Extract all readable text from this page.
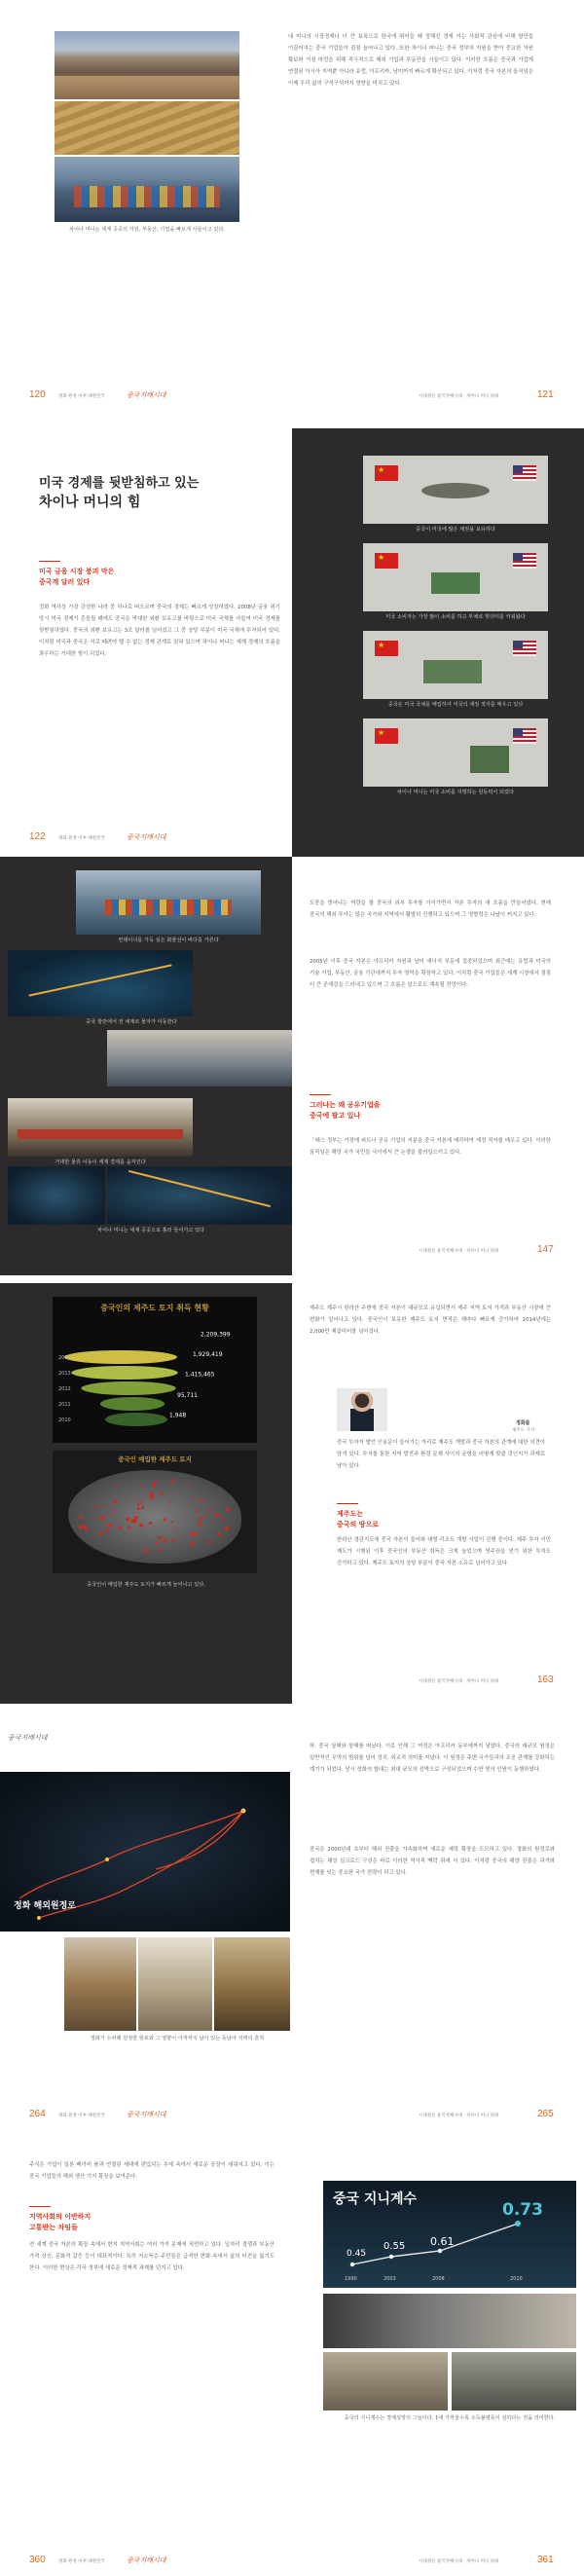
차이나 머니는 세계 곳곳의 자원, 부동산, 기업을 빠르게 사들이고 있다.
내 머니의 시장경제나 더 큰 보폭으로 한국에 뛰어들 때 정해진 경제 이는 사회적 관심에 비해 항만들 이끌어지는 중국 기업들이 점점 늘어나고 있다. 또한 차이나 머니는 중국 정부의 지원을 받아 중요한 자원 확보와 거점 마련을 위해 적극적으로 해외 기업과 부동산을 사들이고 있다. 이러한 흐름은 중국과 가깝게 연결된 아시아 지역뿐 아니라 유럽, 아프리카, 남미까지 빠르게 확산되고 있다. 이처럼 중국 자본의 움직임은 이제 우리 삶의 구석구석까지 영향을 미치고 있다.
120	정화 원정 이후 대한민국	중국지배시대	시대정신 중국지배시대 · 차이나 머니 파워	121
미국 경제를 뒷받침하고 있는
차이나 머니의 힘
미국 금융 시장 붕괴 막은
중국계 달러 있다
정화 역사상 가장 강성한 나라 중 하나로 떠오르며 중국의 경제는 빠르게 성장하였다. 2008년 금융 위기 당시 미국 경제가 흔들릴 때에도 중국은 막대한 외환 보유고를 바탕으로 미국 국채를 사들여 미국 경제를 뒷받침하였다. 중국의 외환 보유고는 3조 달러를 넘어섰고 그 중 상당 부분이 미국 국채에 투자되어 있다. 이처럼 미국과 중국은 서로 떼려야 뗄 수 없는 경제 관계로 얽혀 있으며 차이나 머니는 세계 경제의 흐름을 좌우하는 거대한 힘이 되었다.
★
중국이 미국에 많은 채권을 보유하다
★
미국 소비자는 가장 많이 소비를 하고 부채로 빚더미를 키워왔다
★
중국은 미국 국채를 매입하여 미국의 재정 적자를 메우고 있다
★
차이나 머니는 미국 소비를 지탱하는 원동력이 되었다
122	정화 원정 이후 대한민국	중국지배시대
컨테이너를 가득 실은 화물선이 바다를 가른다
중국 항만에서 전 세계로 물자가 이동한다
거대한 물류 이동이 세계 경제를 움직인다
차이나 머니는 세계 곳곳으로 흘러 들어가고 있다
도중을 벗어나는 역량을 할 중국의 외부 투자를 이어가면서 자본 투자의 새 흐름을 만들어냈다. 현재 중국의 해외 투자는 많은 국가와 지역에서 활발히 진행되고 있으며 그 영향력은 나날이 커지고 있다.
2005년 이후 중국 자본은 아프리카 자원과 남미 에너지 부문에 집중되었으며 최근에는 유럽과 미국의 기술 기업, 부동산, 금융 기관에까지 투자 영역을 확장하고 있다. 이처럼 중국 기업들은 세계 시장에서 점점 더 큰 존재감을 드러내고 있으며 그 흐름은 앞으로도 계속될 전망이다.
그러나는 왜 공유기업을
중국에 팔고 있나
「매스 정부는 가장에 파트너 공유 기업의 지분을 중국 자본에 매각하여 재정 적자를 메우고 있다. 이러한 움직임은 해당 국가 국민들 사이에서 큰 논쟁을 불러일으키고 있다.
시대정신 중국지배시대 · 차이나 머니 파워	147
중국인의 제주도 토지 취득 현황
2010
1,948
2011
95,711
2012
1,415,465
2013
1,929,419
2014
2,209,399
중국인 매입한 제주도 토지
중국인이 매입한 제주도 토지가 빠르게 늘어나고 있다.
제주도 제주시 한라산 주변에 중국 자본이 대규모로 유입되면서 제주 지역 토지 가격과 부동산 시장에 큰 변화가 일어나고 있다. 중국인이 보유한 제주도 토지 면적은 해마다 빠르게 증가하여 2014년에는 2,000만 제곱미터를 넘어섰다.
정화를
제주도 지사
중국 투자자 발언 인용문이 들어가는 자리로 제주도 개발과 중국 자본의 관계에 대한 의견이 담겨 있다. 투자를 통한 지역 발전과 환경 문제 사이의 균형을 어떻게 맞출 것인지가 과제로 남아 있다.
제주도는
중국의 땅으로
한라산 경관지도에 중국 자본이 들어와 대형 리조트 개발 사업이 진행 중이다. 제주 투자 이민 제도가 시행된 이후 중국인의 부동산 취득은 크게 늘었으며 영주권을 얻기 위한 투자도 증가하고 있다. 제주도 토지의 상당 부분이 중국 자본 소유로 넘어가고 있다.
시대정신 중국지배시대 · 차이나 머니 파워	163
중국지배시대
정화 해외원정로
정화가 수차례 원정한 항로와 그 영향이 아직까지 남아 있는 동남아 지역의 흔적
하. 중국 상해와 항해를 떠났다. 이로 인해 그 여정은 아프리카 동부에까지 닿았다. 중국의 대규모 원정은 일반적인 무역의 범위를 넘어 정치, 외교적 의미를 지녔다. 이 원정은 주변 국가들과의 조공 관계를 강화하는 계기가 되었다. 당시 정화의 함대는 최대 규모의 선박으로 구성되었으며 수만 명의 인원이 동행하였다.
중국은 2000년대 초부터 해외 진출을 가속화하며 새로운 세력 확장을 도모하고 있다. 정화의 원정로와 겹치는 해상 실크로드 구상은 바로 이러한 역사적 맥락 위에 서 있다. 이처럼 중국의 해양 진출은 과거와 현재를 잇는 중요한 국가 전략이 되고 있다.
264	정화 원정 이후 대한민국	중국지배시대	시대정신 중국지배시대 · 차이나 머니 파워	265
주식은 기업이 일본 베이비 붐과 연결된 세대에 편입되는 추세 속에서 새로운 공장이 세워지고 있다. 이는 중국 기업들의 해외 생산 기지 확장을 보여준다.
지역사회의 이반하지
고통받는 차임들
전 세계 중국 자본의 확장 속에서 현지 지역사회는 여러 가지 문제에 직면하고 있다. 일자리 경쟁과 부동산 가격 상승, 문화적 갈등 등이 대표적이다. 특히 저소득층 주민들은 급격한 변화 속에서 삶의 터전을 잃기도 한다. 이러한 현상은 각국 정부에 새로운 정책적 과제를 던지고 있다.
중국 지니계수
0.45
0.55 0.61
0.73
1990	2003	2008	2010
중국의 지니계수는 경제성장의 그늘이다. 1에 가까울수록 소득불평등이 심하다는 것을 의미한다.
360	정화 원정 이후 대한민국	중국지배시대	시대정신 중국지배시대 · 차이나 머니 파워	361
